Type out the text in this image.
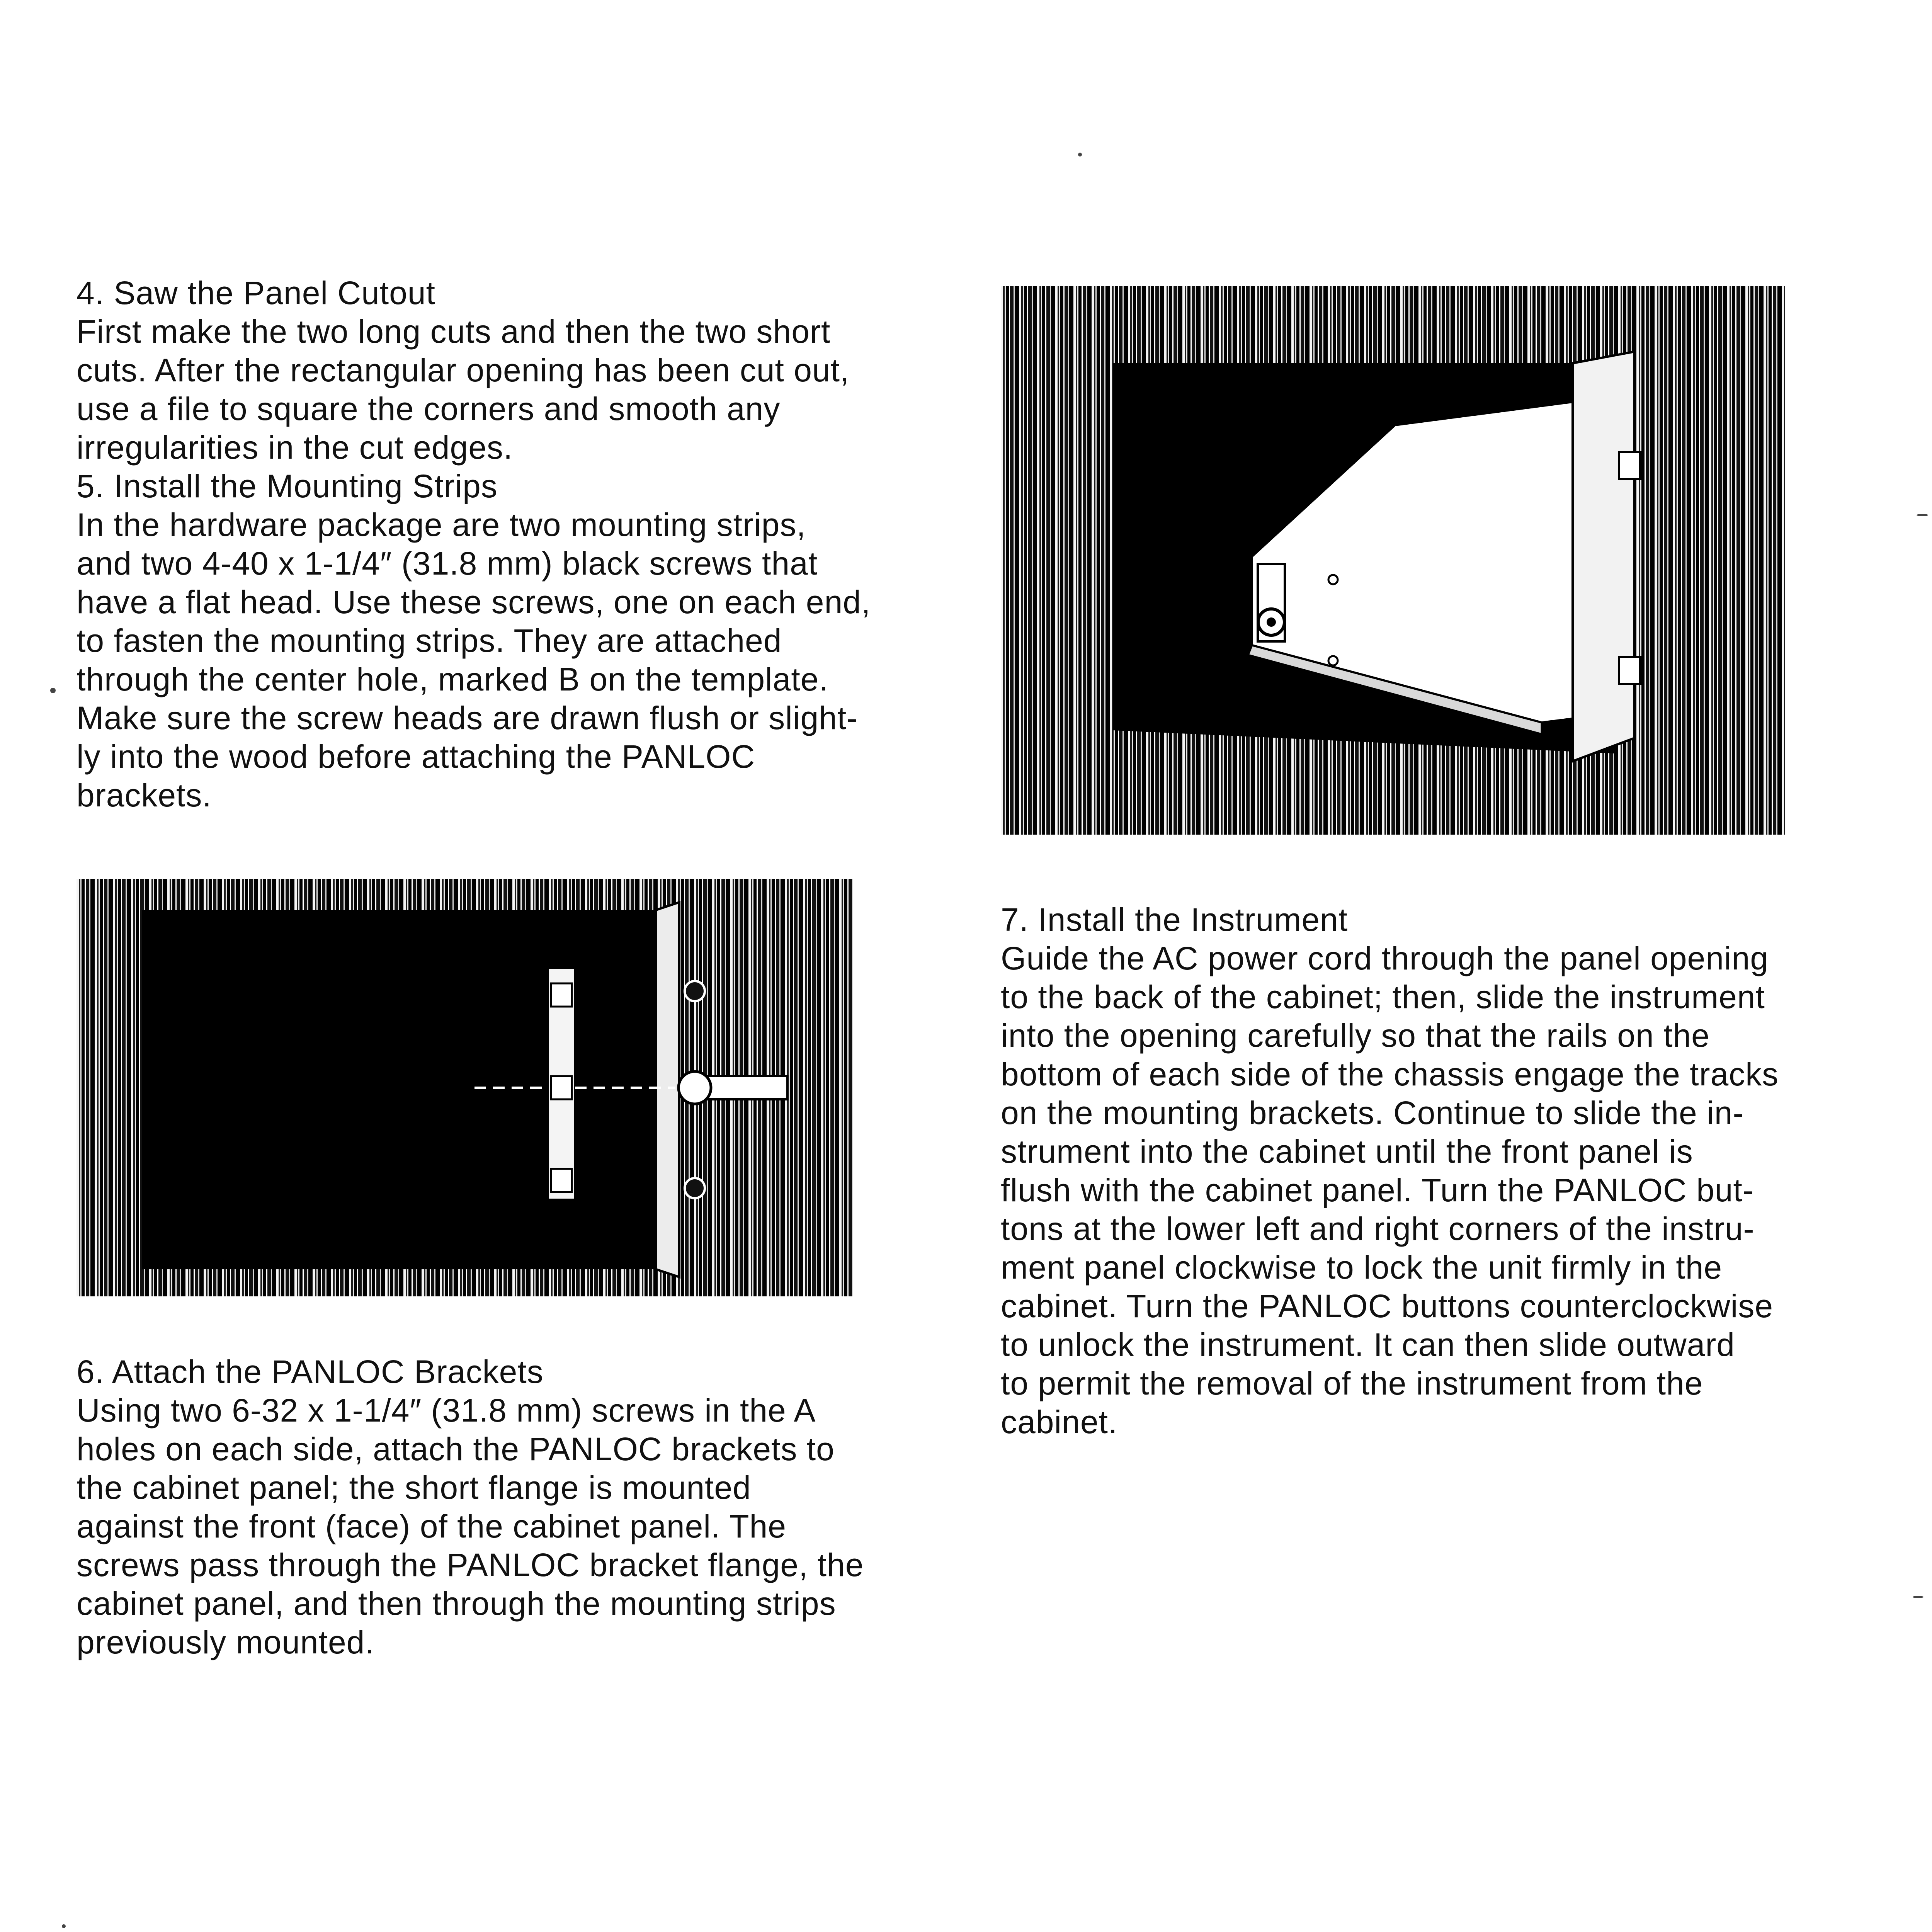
4. Saw the Panel Cutout

First make the two long cuts and then the two short

cuts. After the rectangular opening has been cut out,

use a file to square the corners and smooth any

irregularities in the cut edges.

5. Install the Mounting Strips

In the hardware package are two mounting strips,

and two 4-40 x 1-1/4″ (31.8 mm) black screws that

have a flat head. Use these screws, one on each end,

to fasten the mounting strips. They are attached

through the center hole, marked B on the template.

Make sure the screw heads are drawn flush or slight-

ly into the wood before attaching the PANLOC

brackets.

6. Attach the PANLOC Brackets

Using two 6-32 x 1-1/4″ (31.8 mm) screws in the A

holes on each side, attach the PANLOC brackets to

the cabinet panel; the short flange is mounted

against the front (face) of the cabinet panel. The

screws pass through the PANLOC bracket flange, the

cabinet panel, and then through the mounting strips

previously mounted.

7. Install the Instrument

Guide the AC power cord through the panel opening

to the back of the cabinet; then, slide the instrument

into the opening carefully so that the rails on the

bottom of each side of the chassis engage the tracks

on the mounting brackets. Continue to slide the in-

strument into the cabinet until the front panel is

flush with the cabinet panel. Turn the PANLOC but-

tons at the lower left and right corners of the instru-

ment panel clockwise to lock the unit firmly in the

cabinet. Turn the PANLOC buttons counterclockwise

to unlock the instrument. It can then slide outward

to permit the removal of the instrument from the

cabinet.
